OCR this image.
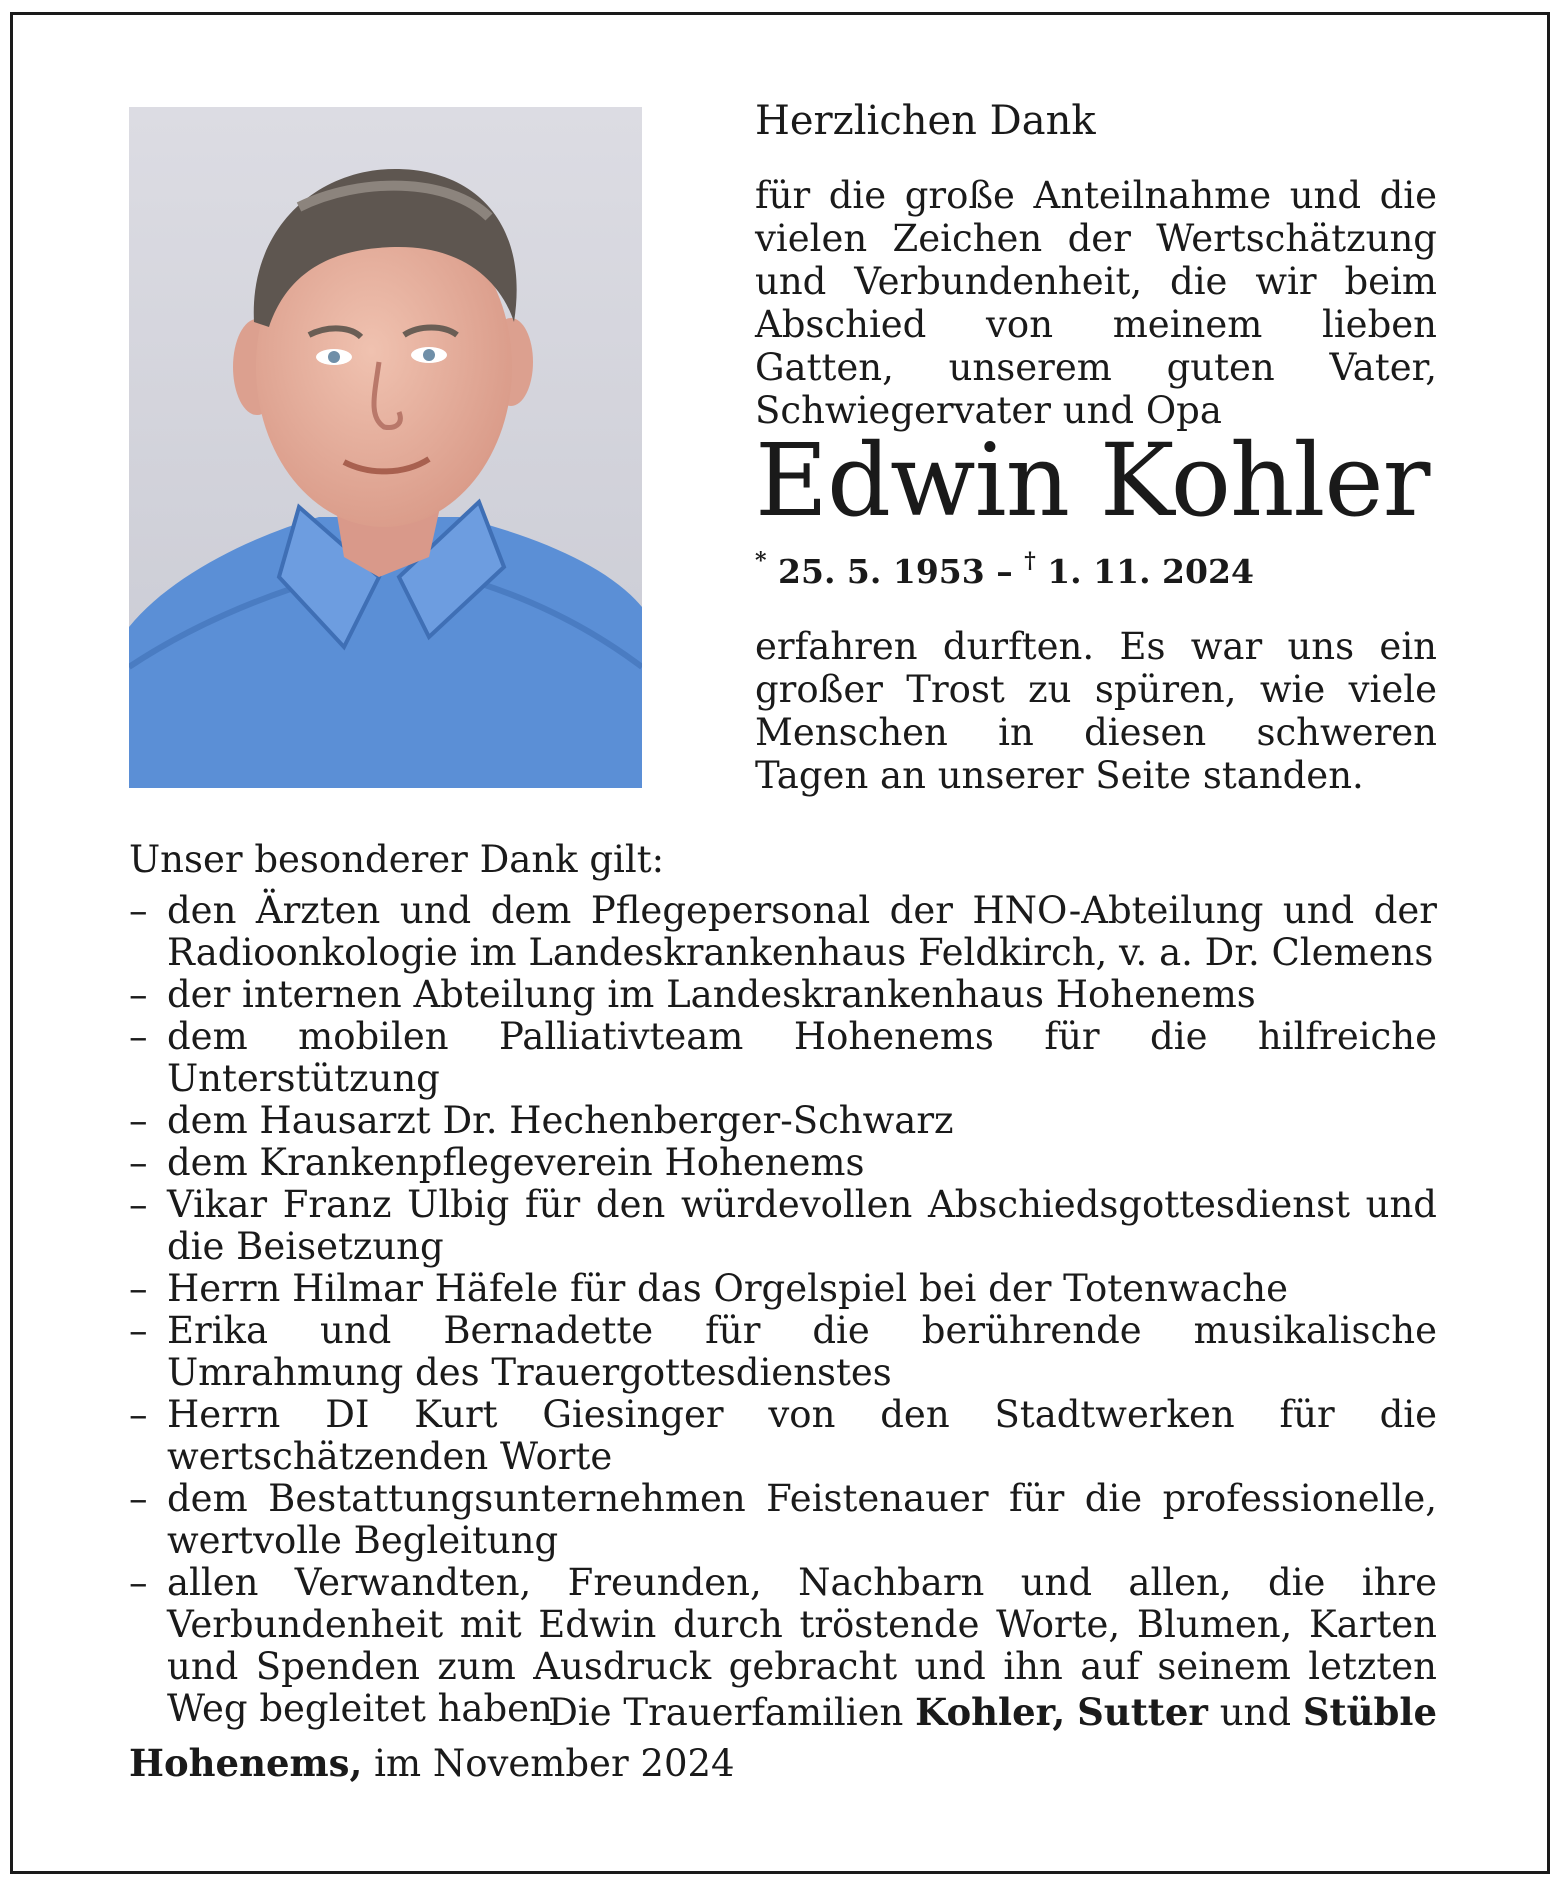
Herzlichen Dank
für die große Anteilnahme und die vielen Zeichen der Wertschätzung und Verbundenheit, die wir beim Abschied von meinem lieben Gatten, unserem guten Vater, Schwiegervater und Opa
Edwin Kohler
* 25. 5. 1953 – † 1. 11. 2024
erfahren durften. Es war uns ein großer Trost zu spüren, wie viele Menschen in diesen schweren Tagen an unserer Seite standen.
Unser besonderer Dank gilt:
– den Ärzten und dem Pflegepersonal der HNO-Abteilung und der Radioonkologie im Landeskrankenhaus Feldkirch, v. a. Dr. Clemens
– der internen Abteilung im Landeskrankenhaus Hohenems
– dem mobilen Palliativteam Hohenems für die hilfreiche Unterstützung
– dem Hausarzt Dr. Hechenberger-Schwarz
– dem Krankenpflegeverein Hohenems
– Vikar Franz Ulbig für den würdevollen Abschiedsgottesdienst und die Beisetzung
– Herrn Hilmar Häfele für das Orgelspiel bei der Totenwache
– Erika und Bernadette für die berührende musikalische Umrahmung des Trauergottesdienstes
– Herrn DI Kurt Giesinger von den Stadtwerken für die wertschätzenden Worte
– dem Bestattungsunternehmen Feistenauer für die professionelle, wertvolle Begleitung
– allen Verwandten, Freunden, Nachbarn und allen, die ihre Verbundenheit mit Edwin durch tröstende Worte, Blumen, Karten und Spenden zum Ausdruck gebracht und ihn auf seinem letzten Weg begleitet haben
Die Trauerfamilien Kohler, Sutter und Stüble
Hohenems, im November 2024
